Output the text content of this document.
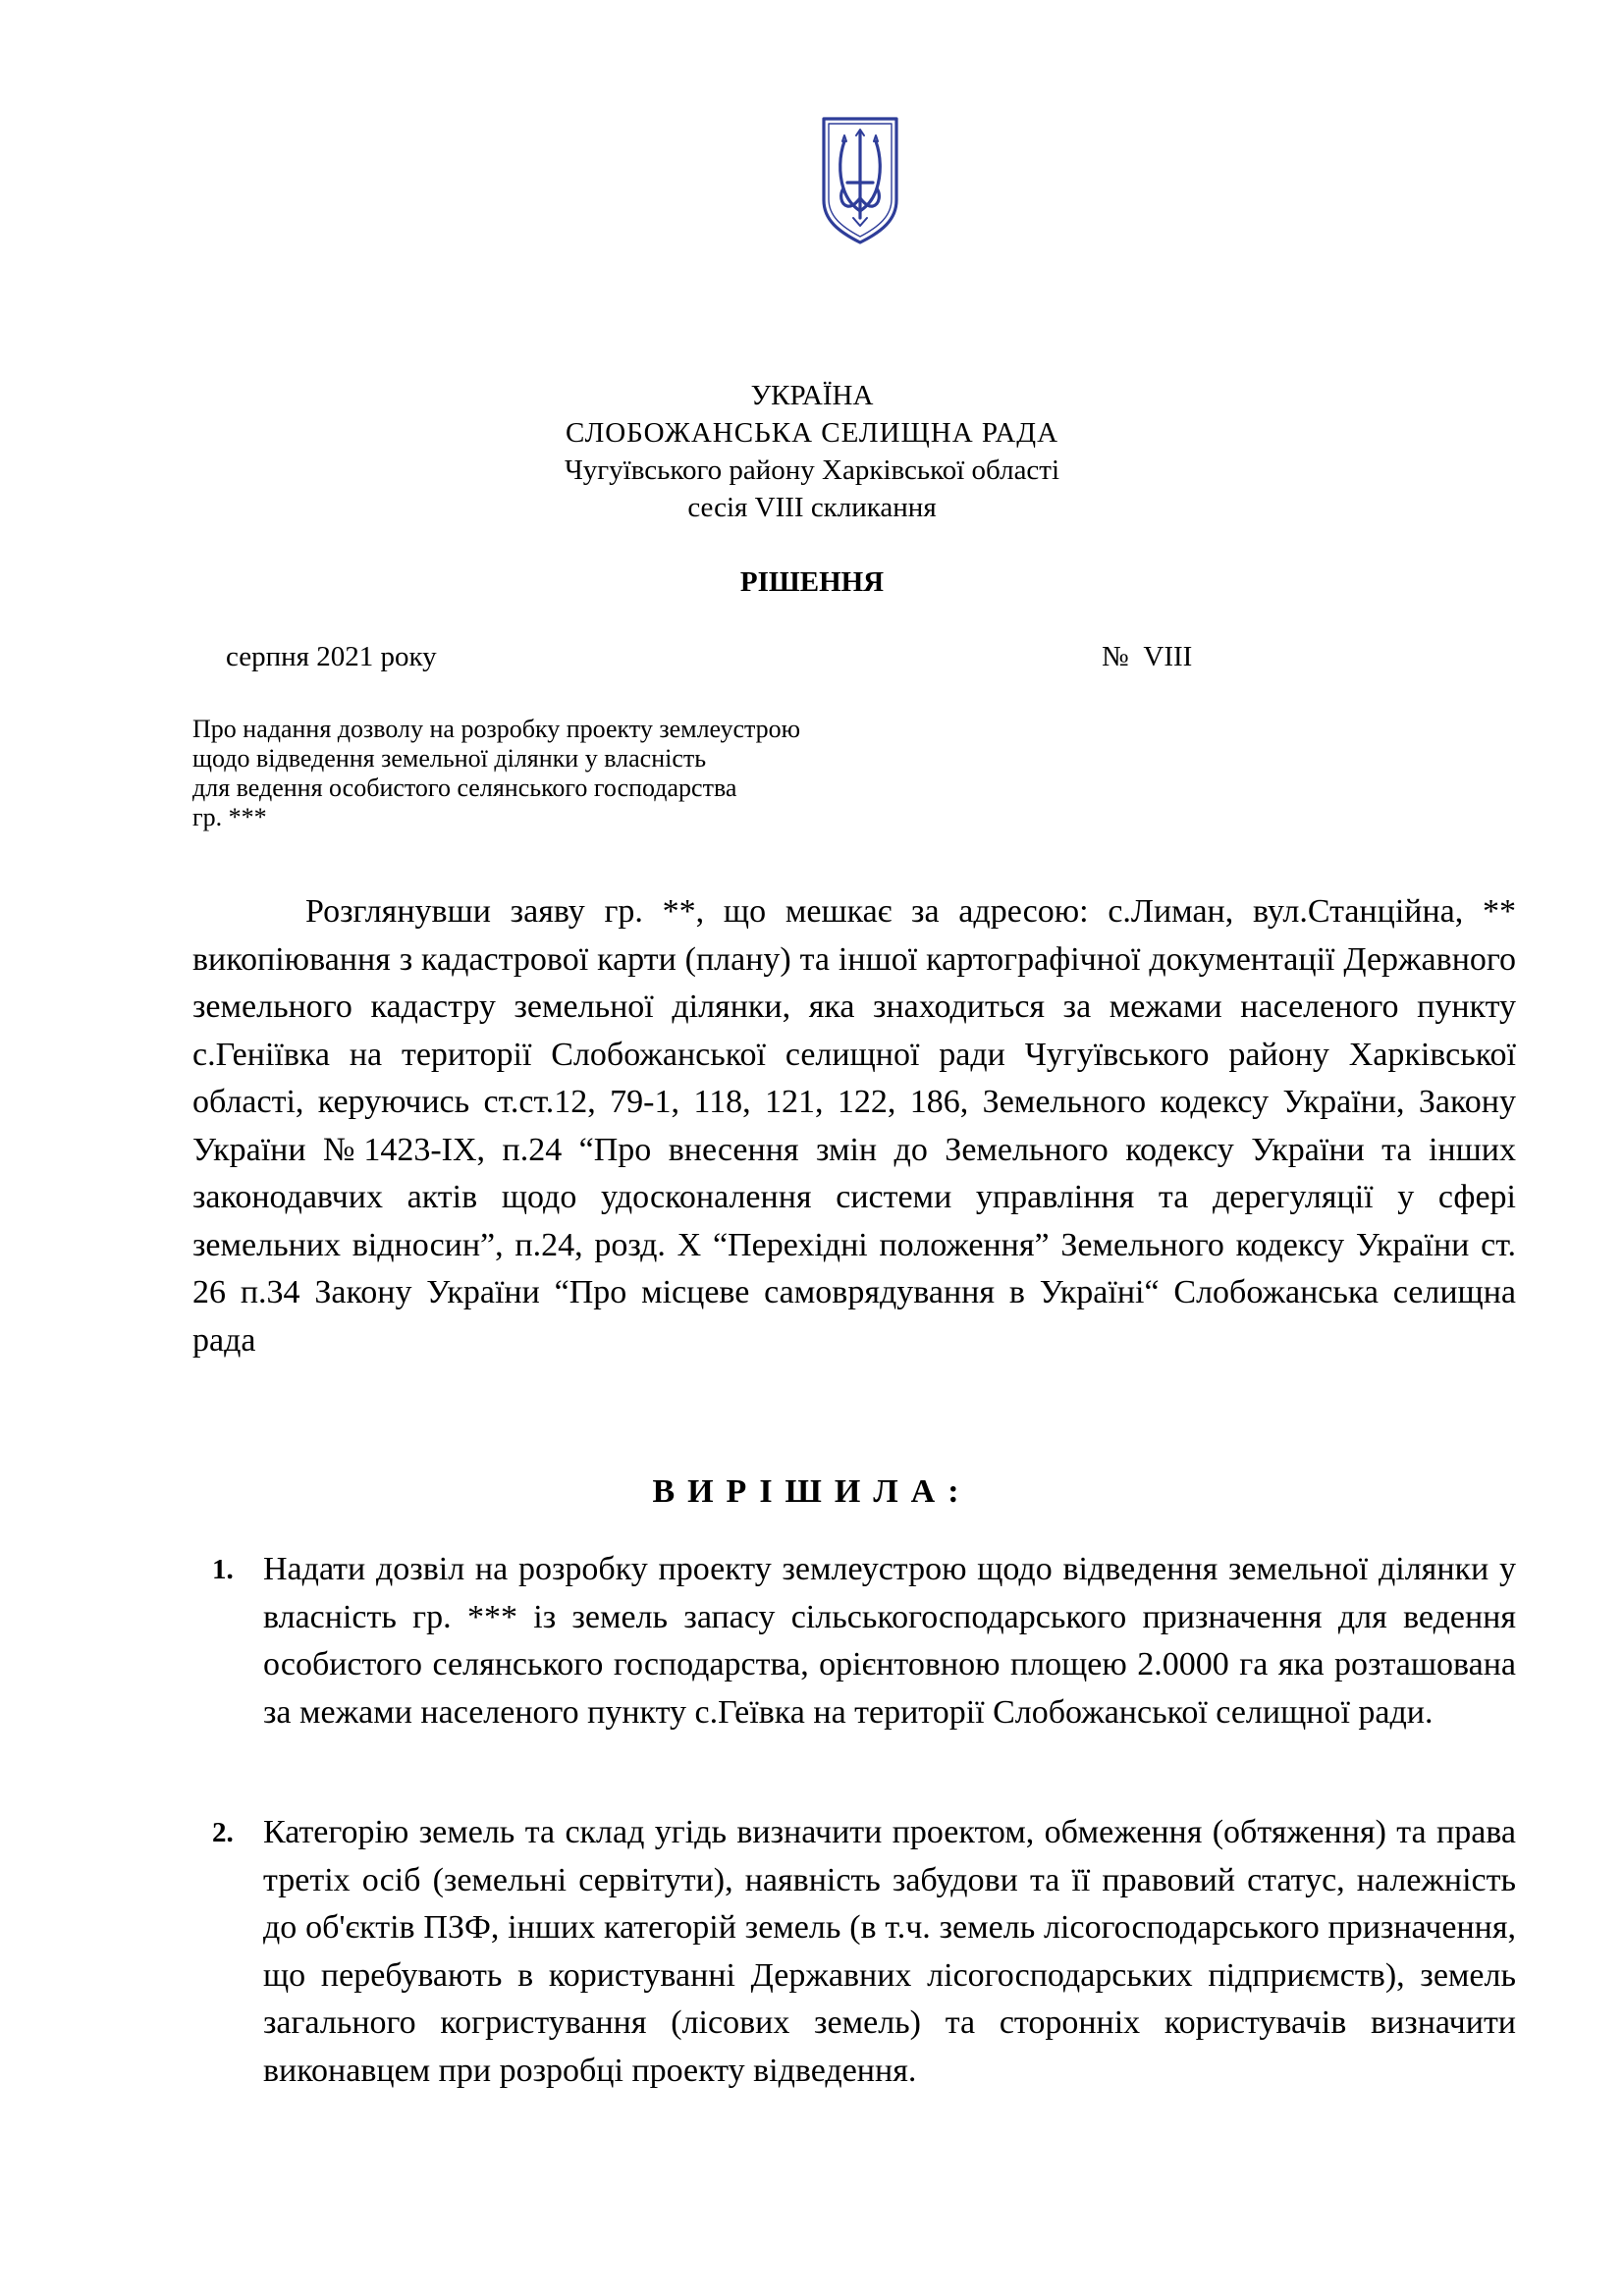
УКРАЇНА
СЛОБОЖАНСЬКА СЕЛИЩНА РАДА
Чугуївського району Харківської області
сесія VIII скликання
РІШЕННЯ
серпня 2021 року	№ VIII
Про надання дозволу на розробку проекту землеустрою
щодо відведення земельної ділянки у власність
для ведення особистого селянського господарства
гр. ***
Розглянувши заяву гр. **, що мешкає за адресою: с.Лиман, вул.Станційна, ** викопіювання з кадастрової карти (плану) та іншої картографічної документації Державного земельного кадастру земельної ділянки, яка знаходиться за межами населеного пункту с.Геніївка на території Слобожанської селищної ради Чугуївського району Харківської області, керуючись ст.ст.12, 79-1, 118, 121, 122, 186, Земельного кодексу України, Закону України №1423-ІХ, п.24 “Про внесення змін до Земельного кодексу України та інших законодавчих актів щодо удосконалення системи управління та дерегуляції у сфері земельних відносин”, п.24, розд. Х “Перехідні положення” Земельного кодексу України ст. 26 п.34 Закону України “Про місцеве самоврядування в Україні“ Слобожанська селищна рада
ВИРІШИЛА:
1. Надати дозвіл на розробку проекту землеустрою щодо відведення земельної ділянки у власність гр. *** із земель запасу сільськогосподарського призначення для ведення особистого селянського господарства, орієнтовною площею 2.0000 га яка розташована за межами населеного пункту с.Геївка на території Слобожанської селищної ради.
2. Категорію земель та склад угідь визначити проектом, обмеження (обтяження) та права третіх осіб (земельні сервітути), наявність забудови та її правовий статус, належність до об'єктів ПЗФ, інших категорій земель (в т.ч. земель лісогосподарського призначення, що перебувають в користуванні Державних лісогосподарських підприємств), земель загального когристування (лісових земель) та сторонніх користувачів визначити виконавцем при розробці проекту відведення.
